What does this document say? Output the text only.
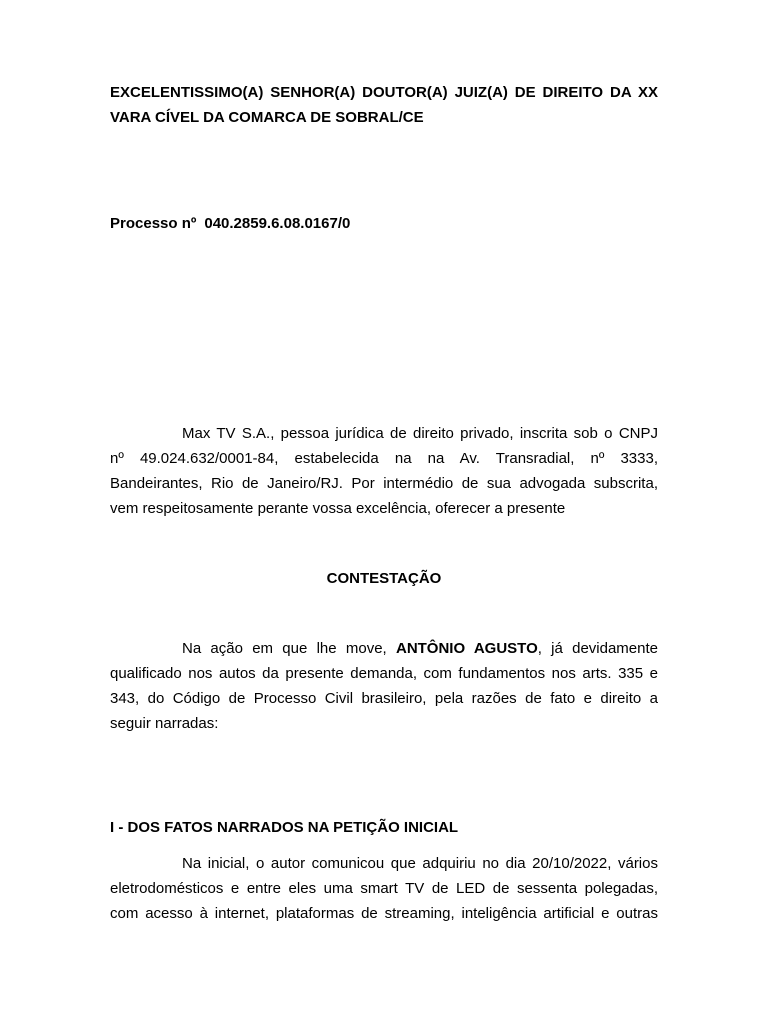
EXCELENTISSIMO(A) SENHOR(A) DOUTOR(A) JUIZ(A) DE DIREITO DA XX
VARA CÍVEL DA COMARCA DE SOBRAL/CE
Processo nº 040.2859.6.08.0167/0
Max TV S.A., pessoa jurídica de direito privado, inscrita sob o CNPJ
nº 49.024.632/0001-84, estabelecida na na Av. Transradial, nº 3333,
Bandeirantes, Rio de Janeiro/RJ. Por intermédio de sua advogada subscrita,
vem respeitosamente perante vossa excelência, oferecer a presente
CONTESTAÇÃO
Na ação em que lhe move, ANTÔNIO AGUSTO, já devidamente
qualificado nos autos da presente demanda, com fundamentos nos arts. 335 e
343, do Código de Processo Civil brasileiro, pela razões de fato e direito a
seguir narradas:
I - DOS FATOS NARRADOS NA PETIÇÃO INICIAL
Na inicial, o autor comunicou que adquiriu no dia 20/10/2022, vários
eletrodomésticos e entre eles uma smart TV de LED de sessenta polegadas,
com acesso à internet, plataformas de streaming, inteligência artificial e outras
